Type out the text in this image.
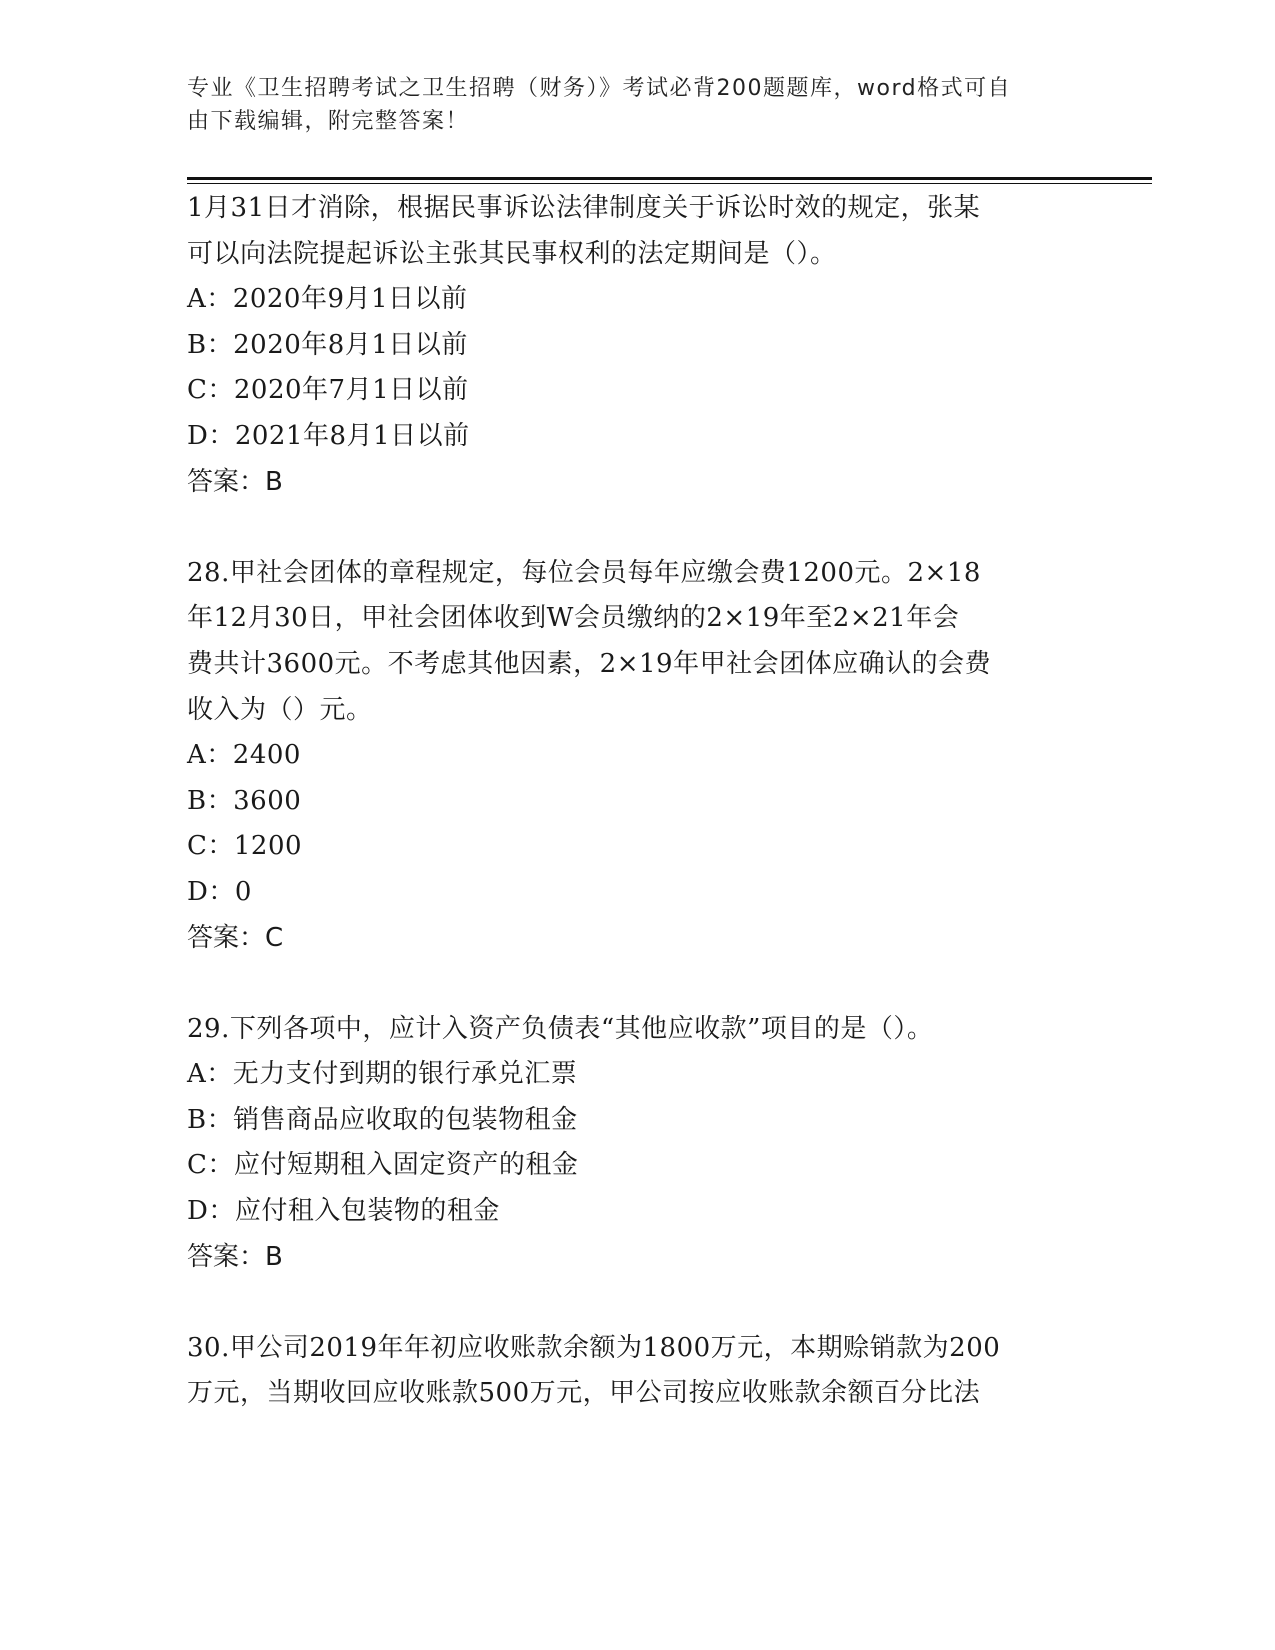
专业《卫生招聘考试之卫生招聘（财务）》考试必背200题题库，word格式可自
由下载编辑，附完整答案！
1月31日才消除，根据民事诉讼法律制度关于诉讼时效的规定，张某
可以向法院提起诉讼主张其民事权利的法定期间是（）。
A：2020年9月1日以前
B：2020年8月1日以前
C：2020年7月1日以前
D：2021年8月1日以前
答案：B
28.甲社会团体的章程规定，每位会员每年应缴会费1200元。2×18
年12月30日，甲社会团体收到W会员缴纳的2×19年至2×21年会
费共计3600元。不考虑其他因素，2×19年甲社会团体应确认的会费
收入为（）元。
A：2400
B：3600
C：1200
D：0
答案：C
29.下列各项中，应计入资产负债表“其他应收款”项目的是（）。
A：无力支付到期的银行承兑汇票
B：销售商品应收取的包装物租金
C：应付短期租入固定资产的租金
D：应付租入包装物的租金
答案：B
30.甲公司2019年年初应收账款余额为1800万元，本期赊销款为200
万元，当期收回应收账款500万元，甲公司按应收账款余额百分比法
